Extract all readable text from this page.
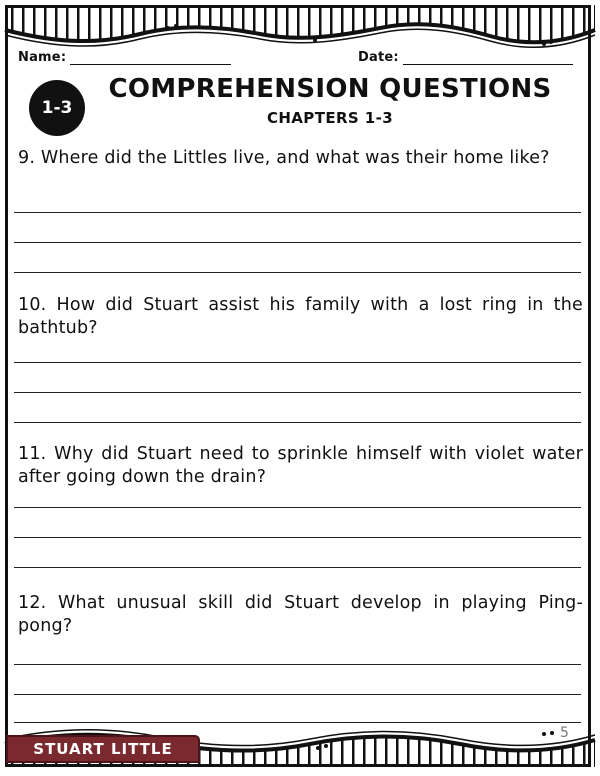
Name:	Date:
1-3
COMPREHENSION QUESTIONS
CHAPTERS 1-3
9. Where did the Littles live, and what was their home like?
10. How did Stuart assist his family with a lost ring in the bathtub?
11. Why did Stuart need to sprinkle himself with violet water after going down the drain?
12. What unusual skill did Stuart develop in playing Ping-pong?
STUART LITTLE
5
